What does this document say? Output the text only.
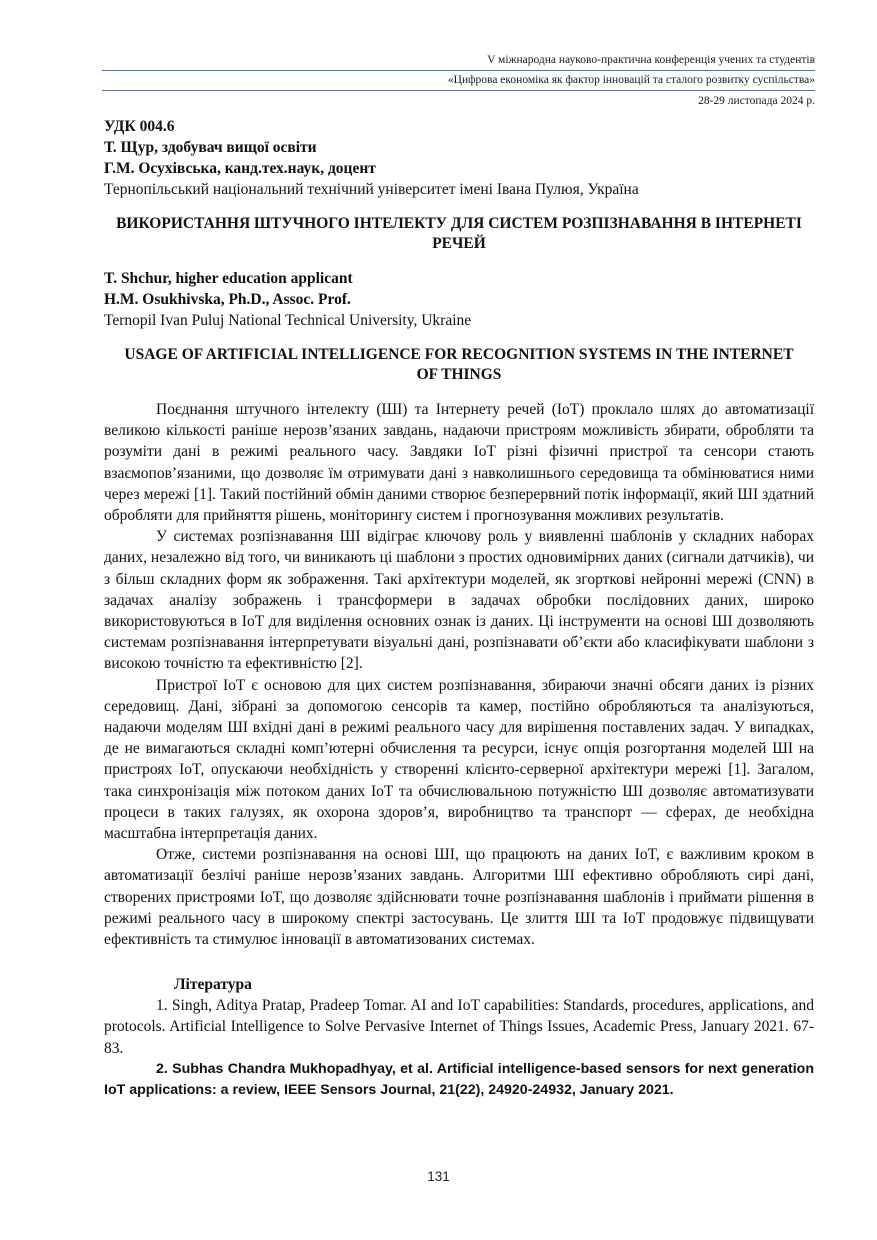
V міжнародна науково-практична конференція учених та студентів
«Цифрова економіка як фактор інновацій та сталого розвитку суспільства»
28-29 листопада 2024 р.

УДК 004.6

Т. Щур, здобувач вищої освіти

Г.М. Осухівська, канд.тех.наук, доцент

Тернопільський національний технічний університет імені Івана Пулюя, Україна

ВИКОРИСТАННЯ ШТУЧНОГО ІНТЕЛЕКТУ ДЛЯ СИСТЕМ РОЗПІЗНАВАННЯ В ІНТЕРНЕТІ РЕЧЕЙ

T. Shchur, higher education applicant

H.M. Osukhivska, Ph.D., Assoc. Prof.

Ternopil Ivan Puluj National Technical University, Ukraine

USAGE OF ARTIFICIAL INTELLIGENCE FOR RECOGNITION SYSTEMS IN THE INTERNET OF THINGS

Поєднання штучного інтелекту (ШІ) та Інтернету речей (IoT) проклало шлях до автоматизації великою кількості раніше нерозв’язаних завдань, надаючи пристроям можливість збирати, обробляти та розуміти дані в режимі реального часу. Завдяки IoT різні фізичні пристрої та сенсори стають взаємопов’язаними, що дозволяє їм отримувати дані з навколишнього середовища та обмінюватися ними через мережі [1]. Такий постійний обмін даними створює безперервний потік інформації, який ШІ здатний обробляти для прийняття рішень, моніторингу систем і прогнозування можливих результатів.

У системах розпізнавання ШІ відіграє ключову роль у виявленні шаблонів у складних наборах даних, незалежно від того, чи виникають ці шаблони з простих одновимірних даних (сигнали датчиків), чи з більш складних форм як зображення. Такі архітектури моделей, як згорткові нейронні мережі (CNN) в задачах аналізу зображень і трансформери в задачах обробки послідовних даних, широко використовуються в IoT для виділення основних ознак із даних. Ці інструменти на основі ШІ дозволяють системам розпізнавання інтерпретувати візуальні дані, розпізнавати об’єкти або класифікувати шаблони з високою точністю та ефективністю [2].

Пристрої IoT є основою для цих систем розпізнавання, збираючи значні обсяги даних із різних середовищ. Дані, зібрані за допомогою сенсорів та камер, постійно обробляються та аналізуються, надаючи моделям ШІ вхідні дані в режимі реального часу для вирішення поставлених задач. У випадках, де не вимагаються складні комп’ютерні обчислення та ресурси, існує опція розгортання моделей ШІ на пристроях IoT, опускаючи необхідність у створенні клієнто-серверної архітектури мережі [1]. Загалом, така синхронізація між потоком даних IoT та обчислювальною потужністю ШІ дозволяє автоматизувати процеси в таких галузях, як охорона здоров’я, виробництво та транспорт — сферах, де необхідна масштабна інтерпретація даних.

Отже, системи розпізнавання на основі ШІ, що працюють на даних IoT, є важливим кроком в автоматизації безлічі раніше нерозв’язаних завдань. Алгоритми ШІ ефективно обробляють сирі дані, створених пристроями IoT, що дозволяє здійснювати точне розпізнавання шаблонів і приймати рішення в режимі реального часу в широкому спектрі застосувань. Це злиття ШІ та IoT продовжує підвищувати ефективність та стимулює інновації в автоматизованих системах.

Література

1. Singh, Aditya Pratap, Pradeep Tomar. AI and IoT capabilities: Standards, procedures, applications, and protocols. Artificial Intelligence to Solve Pervasive Internet of Things Issues, Academic Press, January 2021. 67-83.

2. Subhas Chandra Mukhopadhyay, et al. Artificial intelligence-based sensors for next generation IoT applications: a review, IEEE Sensors Journal, 21(22), 24920-24932, January 2021.

131
